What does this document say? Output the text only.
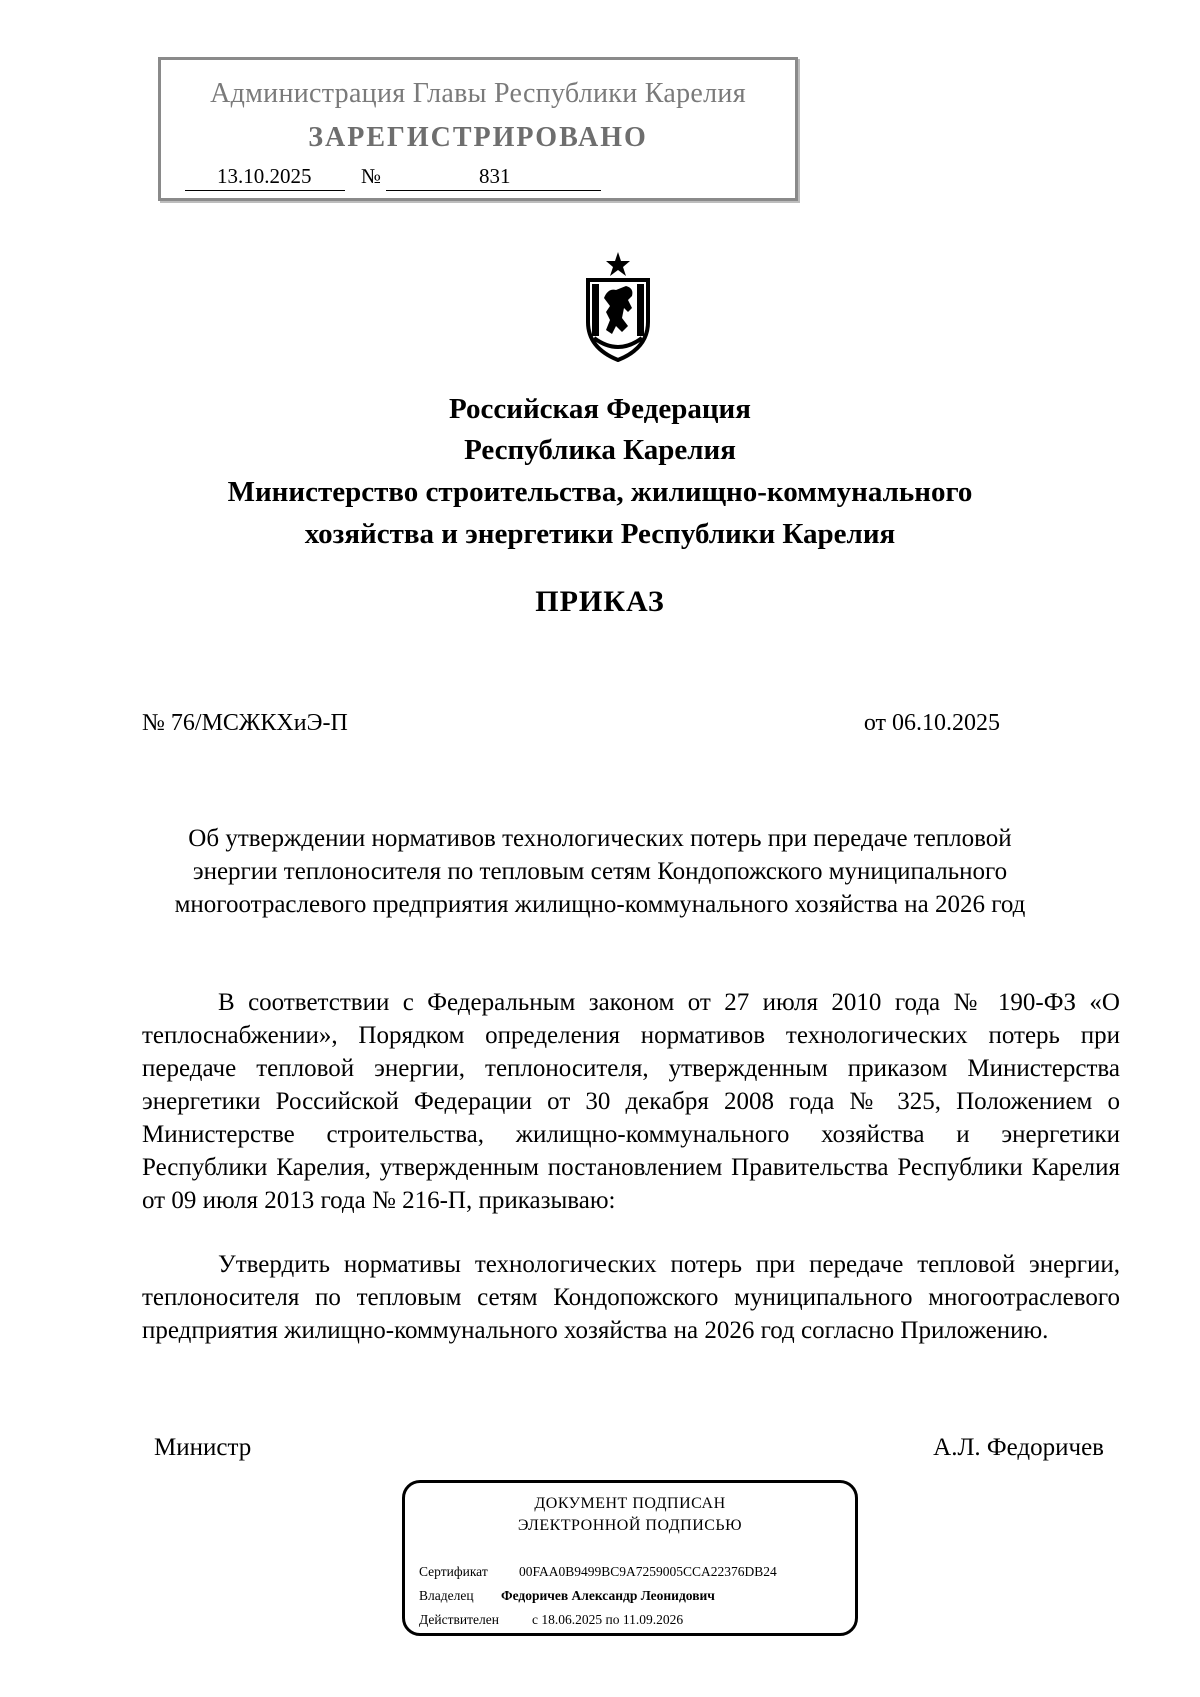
Администрация Главы Республики Карелия
ЗАРЕГИСТРИРОВАНО
13.10.2025 №	831
Российская Федерация
Республика Карелия
Министерство строительства, жилищно-коммунального
хозяйства и энергетики Республики Карелия
ПРИКАЗ
№ 76/МСЖКХиЭ-П	от 06.10.2025
Об утверждении нормативов технологических потерь при передаче тепловой энергии теплоносителя по тепловым сетям Кондопожского муниципального многоотраслевого предприятия жилищно-коммунального хозяйства на 2026 год
В соответствии с Федеральным законом от 27 июля 2010 года № 190-ФЗ «О теплоснабжении», Порядком определения нормативов технологических потерь при передаче тепловой энергии, теплоносителя, утвержденным приказом Министерства энергетики Российской Федерации от 30 декабря 2008 года № 325, Положением о Министерстве строительства, жилищно-коммунального хозяйства и энергетики Республики Карелия, утвержденным постановлением Правительства Республики Карелия от 09 июля 2013 года № 216-П, приказываю:
Утвердить нормативы технологических потерь при передаче тепловой энергии, теплоносителя по тепловым сетям Кондопожского муниципального многоотраслевого предприятия жилищно-коммунального хозяйства на 2026 год согласно Приложению.
Министр	А.Л. Федоричев
ДОКУМЕНТ ПОДПИСАН
ЭЛЕКТРОННОЙ ПОДПИСЬЮ
Сертификат 00FAA0B9499BC9A7259005CCA22376DB24
Владелец Федоричев Александр Леонидович
Действителен с 18.06.2025 по 11.09.2026
